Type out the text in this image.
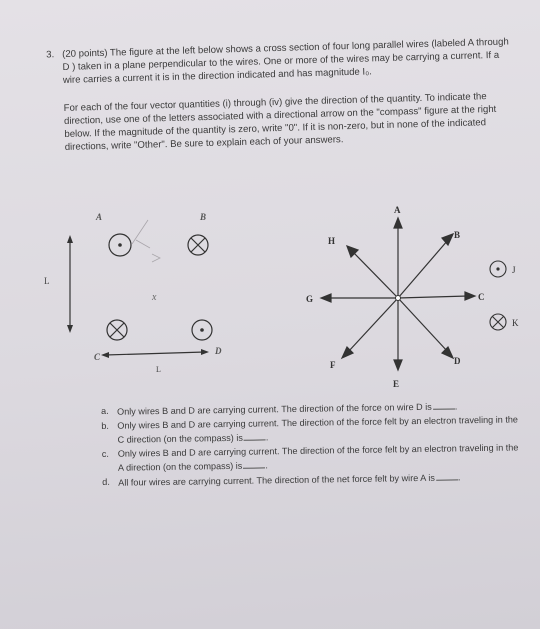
3. (20 points) The figure at the left below shows a cross section of four long parallel wires (labeled A through D ) taken in a plane perpendicular to the wires. One or more of the wires may be carrying a current. If a wire carries a current it is in the direction indicated and has magnitude I₀.

For each of the four vector quantities (i) through (iv) give the direction of the quantity. To indicate the direction, use one of the letters associated with a directional arrow on the "compass" figure at the right below. If the magnitude of the quantity is zero, write "0". If it is non-zero, but in none of the indicated directions, write "Other". Be sure to explain each of your answers.

L
L
A	B
C
D
x
A
B
C
D
E
F
G
H
J
K
a. Only wires B and D are carrying current. The direction of the force on wire D is	.
b. Only wires B and D are carrying current. The direction of the force felt by an electron traveling in the C direction (on the compass) is	.
c. Only wires B and D are carrying current. The direction of the force felt by an electron traveling in the A direction (on the compass) is	.
d. All four wires are carrying current. The direction of the net force felt by wire A is	.
